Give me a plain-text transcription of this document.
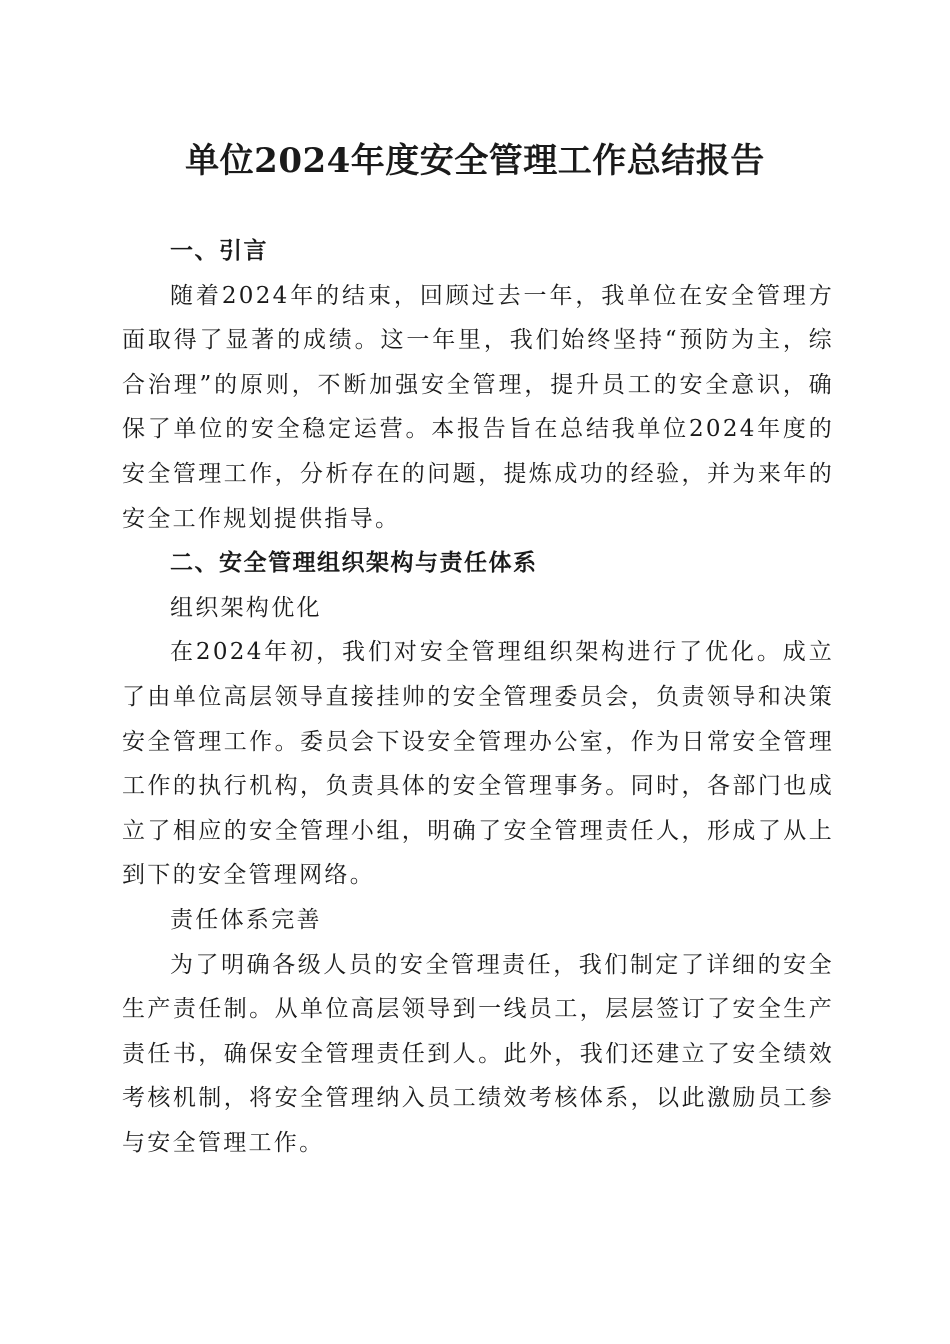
单位2024年度安全管理工作总结报告

一、引言

随着2024年的结束，回顾过去一年，我单位在安全管理方面取得了显著的成绩。这一年里，我们始终坚持“预防为主，综合治理”的原则，不断加强安全管理，提升员工的安全意识，确保了单位的安全稳定运营。本报告旨在总结我单位2024年度的安全管理工作，分析存在的问题，提炼成功的经验，并为来年的安全工作规划提供指导。

二、安全管理组织架构与责任体系

组织架构优化

在2024年初，我们对安全管理组织架构进行了优化。成立了由单位高层领导直接挂帅的安全管理委员会，负责领导和决策安全管理工作。委员会下设安全管理办公室，作为日常安全管理工作的执行机构，负责具体的安全管理事务。同时，各部门也成立了相应的安全管理小组，明确了安全管理责任人，形成了从上到下的安全管理网络。

责任体系完善

为了明确各级人员的安全管理责任，我们制定了详细的安全生产责任制。从单位高层领导到一线员工，层层签订了安全生产责任书，确保安全管理责任到人。此外，我们还建立了安全绩效考核机制，将安全管理纳入员工绩效考核体系，以此激励员工参与安全管理工作。
